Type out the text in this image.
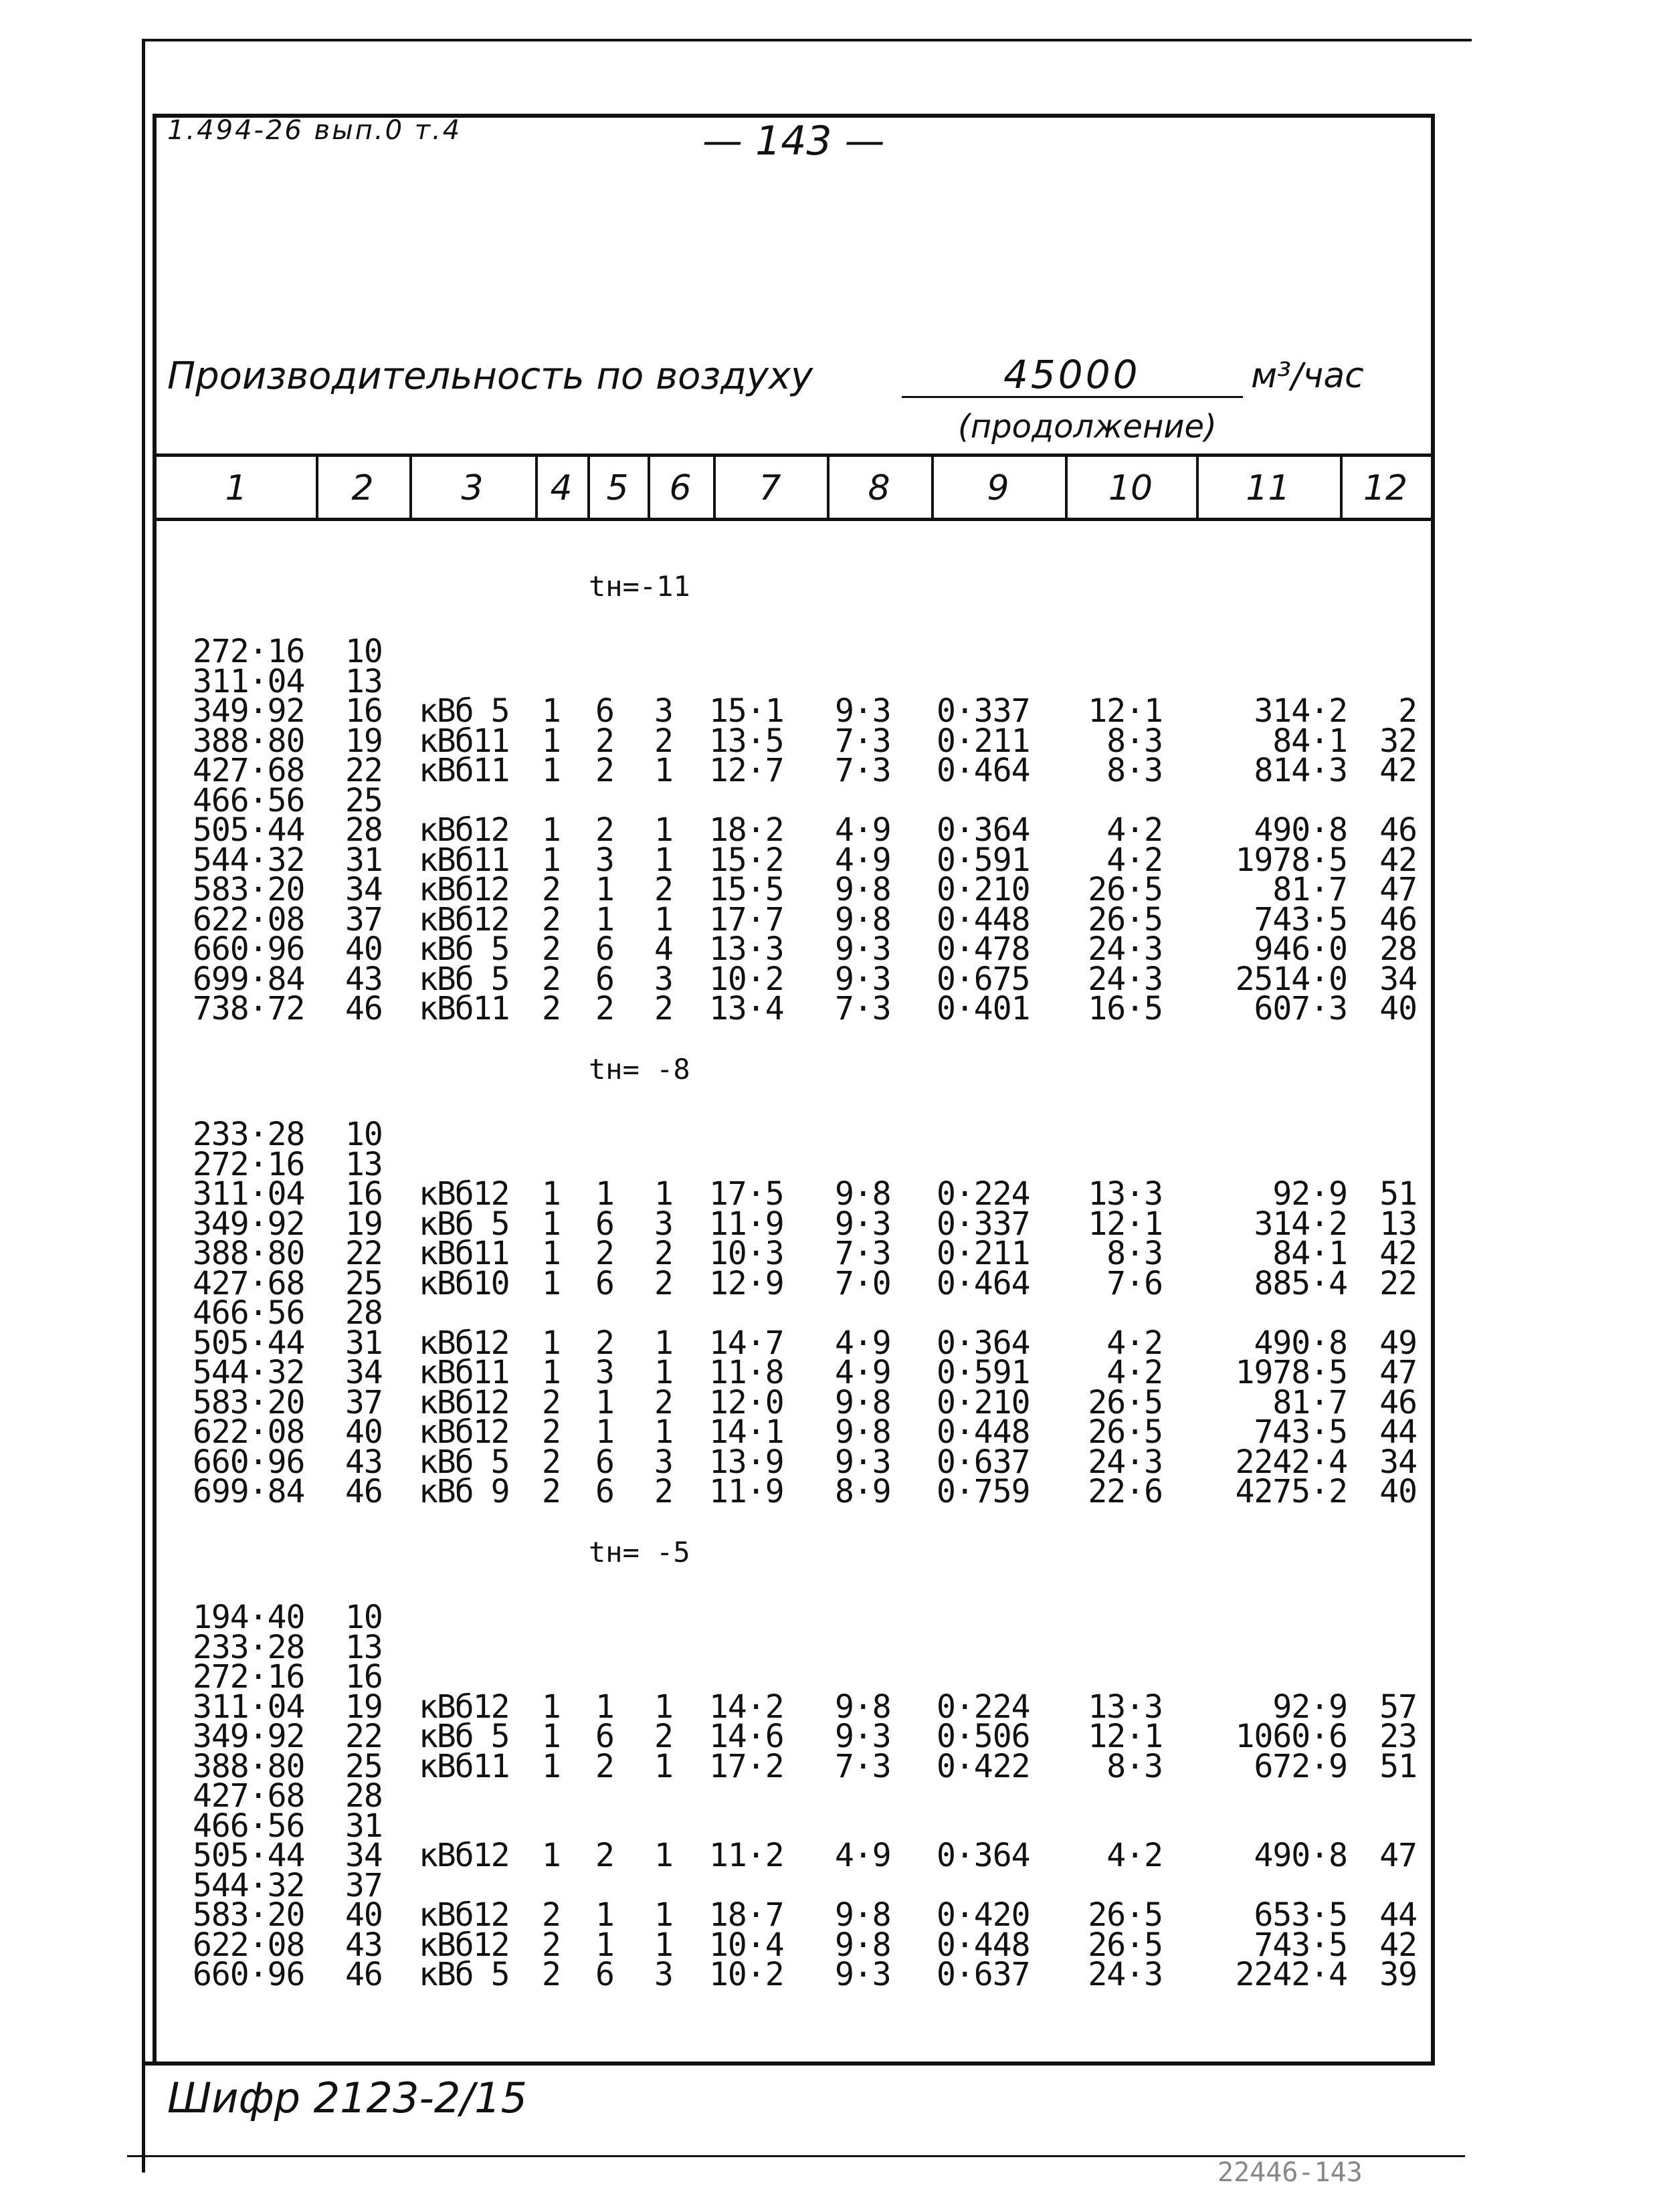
1.494-26 вып.0 т.4	— 143 —
Производительность по воздуху	45000	м³/час
(продолжение)
1	2	3	4 5	6	7	8	9	10	11	12
tн=-11
272·16 10
311·04 13
349·92 16 кВб 5 1 6 3 15·1 9·3 0·337 12·1	314·2	2
388·80 19 кВб11 1 2 2 13·5 7·3 0·211	8·3	84·1 32
427·68 22 кВб11 1 2 1 12·7 7·3 0·464	8·3	814·3 42
466·56 25
505·44 28 кВб12 1 2 1 18·2 4·9 0·364	4·2	490·8 46
544·32 31 кВб11 1 3 1 15·2 4·9 0·591	4·2	1978·5 42
583·20 34 кВб12 2 1 2 15·5 9·8 0·210 26·5	81·7 47
622·08 37 кВб12 2 1 1 17·7 9·8 0·448 26·5	743·5 46
660·96 40 кВб 5 2 6 4 13·3 9·3 0·478 24·3	946·0 28
699·84 43 кВб 5 2 6 3 10·2 9·3 0·675 24·3	2514·0 34
738·72 46 кВб11 2 2 2 13·4 7·3 0·401 16·5	607·3 40
tн= -8
233·28 10
272·16 13
311·04 16 кВб12 1 1 1 17·5 9·8 0·224 13·3	92·9 51
349·92 19 кВб 5 1 6 3 11·9 9·3 0·337 12·1	314·2 13
388·80 22 кВб11 1 2 2 10·3 7·3 0·211	8·3	84·1 42
427·68 25 кВб10 1 6 2 12·9 7·0 0·464	7·6	885·4 22
466·56 28
505·44 31 кВб12 1 2 1 14·7 4·9 0·364	4·2	490·8 49
544·32 34 кВб11 1 3 1 11·8 4·9 0·591	4·2	1978·5 47
583·20 37 кВб12 2 1 2 12·0 9·8 0·210 26·5	81·7 46
622·08 40 кВб12 2 1 1 14·1 9·8 0·448 26·5	743·5 44
660·96 43 кВб 5 2 6 3 13·9 9·3 0·637 24·3	2242·4 34
699·84 46 кВб 9 2 6 2 11·9 8·9 0·759 22·6	4275·2 40
tн= -5
194·40 10
233·28 13
272·16 16
311·04 19 кВб12 1 1 1 14·2 9·8 0·224 13·3	92·9 57
349·92 22 кВб 5 1 6 2 14·6 9·3 0·506 12·1	1060·6 23
388·80 25 кВб11 1 2 1 17·2 7·3 0·422	8·3	672·9 51
427·68 28
466·56 31
505·44 34 кВб12 1 2 1 11·2 4·9 0·364	4·2	490·8 47
544·32 37
583·20 40 кВб12 2 1 1 18·7 9·8 0·420 26·5	653·5 44
622·08 43 кВб12 2 1 1 10·4 9·8 0·448 26·5	743·5 42
660·96 46 кВб 5 2 6 3 10·2 9·3 0·637 24·3	2242·4 39
Шифр 2123-2/15
22446-143
